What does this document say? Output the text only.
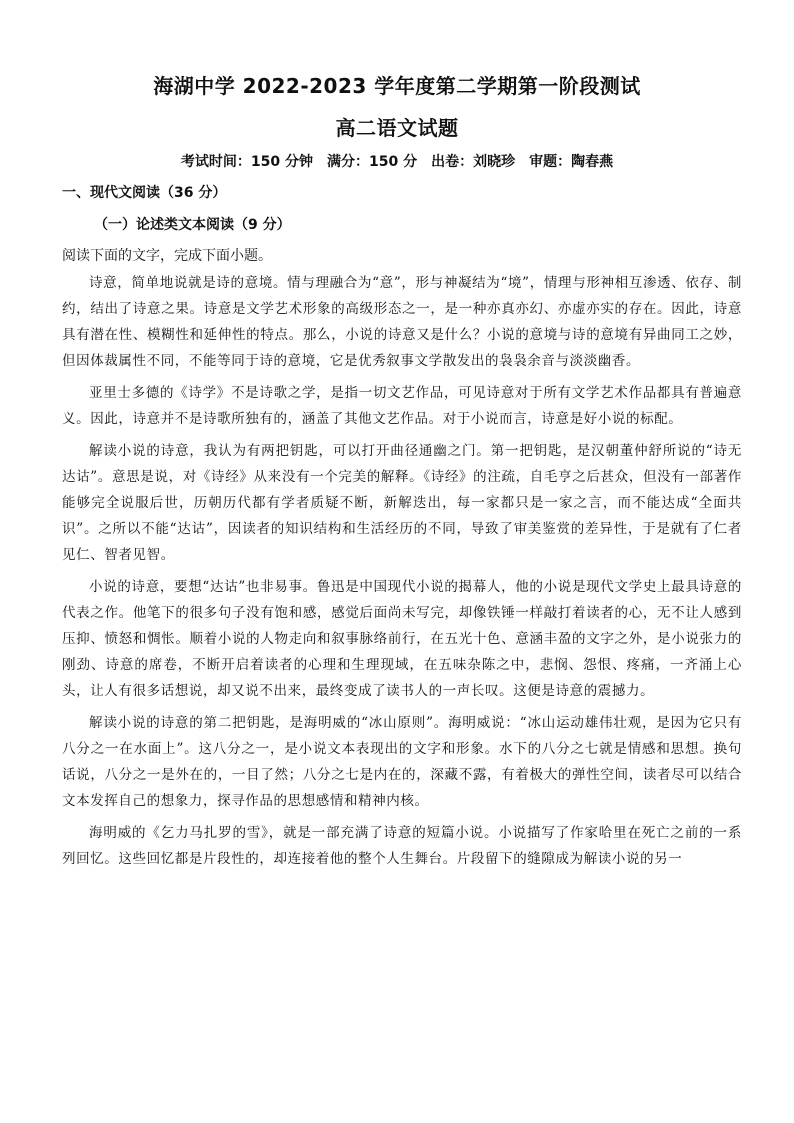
海湖中学 2022-2023 学年度第二学期第一阶段测试
高二语文试题
考试时间：150 分钟　满分：150 分　出卷：刘晓珍　审题：陶春燕
一、现代文阅读（36 分）
（一）论述类文本阅读（9 分）
阅读下面的文字，完成下面小题。

诗意，简单地说就是诗的意境。情与理融合为“意”，形与神凝结为“境”，情理与形神相互渗透、依存、制约，结出了诗意之果。诗意是文学艺术形象的高级形态之一，是一种亦真亦幻、亦虚亦实的存在。因此，诗意具有潜在性、模糊性和延伸性的特点。那么，小说的诗意又是什么？小说的意境与诗的意境有异曲同工之妙，但因体裁属性不同，不能等同于诗的意境，它是优秀叙事文学散发出的袅袅余音与淡淡幽香。

亚里士多德的《诗学》不是诗歌之学，是指一切文艺作品，可见诗意对于所有文学艺术作品都具有普遍意义。因此，诗意并不是诗歌所独有的，涵盖了其他文艺作品。对于小说而言，诗意是好小说的标配。

解读小说的诗意，我认为有两把钥匙，可以打开曲径通幽之门。第一把钥匙，是汉朝董仲舒所说的“诗无达诂”。意思是说，对《诗经》从来没有一个完美的解释。《诗经》的注疏，自毛亨之后甚众，但没有一部著作能够完全说服后世，历朝历代都有学者质疑不断，新解迭出，每一家都只是一家之言，而不能达成“全面共识”。之所以不能“达诂”，因读者的知识结构和生活经历的不同，导致了审美鉴赏的差异性，于是就有了仁者见仁、智者见智。

小说的诗意，要想“达诂”也非易事。鲁迅是中国现代小说的揭幕人，他的小说是现代文学史上最具诗意的代表之作。他笔下的很多句子没有饱和感，感觉后面尚未写完，却像铁锤一样敲打着读者的心，无不让人感到压抑、愤怒和惆怅。顺着小说的人物走向和叙事脉络前行，在五光十色、意涵丰盈的文字之外，是小说张力的刚劲、诗意的席卷，不断开启着读者的心理和生理现域，在五味杂陈之中，悲悯、怨恨、疼痛，一齐涌上心头，让人有很多话想说，却又说不出来，最终变成了读书人的一声长叹。这便是诗意的震撼力。

解读小说的诗意的第二把钥匙，是海明威的“冰山原则”。海明威说：“冰山运动雄伟壮观，是因为它只有八分之一在水面上”。这八分之一，是小说文本表现出的文字和形象。水下的八分之七就是情感和思想。换句话说，八分之一是外在的，一目了然；八分之七是内在的，深藏不露，有着极大的弹性空间，读者尽可以结合文本发挥自己的想象力，探寻作品的思想感情和精神内核。

海明威的《乞力马扎罗的雪》，就是一部充满了诗意的短篇小说。小说描写了作家哈里在死亡之前的一系列回忆。这些回忆都是片段性的，却连接着他的整个人生舞台。片段留下的缝隙成为解读小说的另一
